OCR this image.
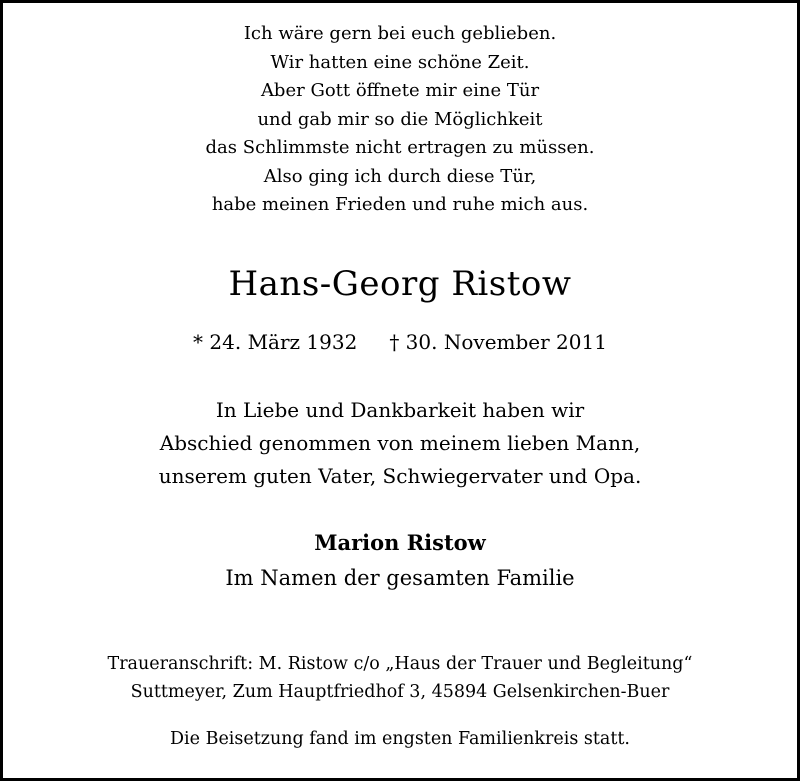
Ich wäre gern bei euch geblieben.
Wir hatten eine schöne Zeit.
Aber Gott öffnete mir eine Tür
und gab mir so die Möglichkeit
das Schlimmste nicht ertragen zu müssen.
Also ging ich durch diese Tür,
habe meinen Frieden und ruhe mich aus.
Hans-Georg Ristow
* 24. März 1932 † 30. November 2011
In Liebe und Dankbarkeit haben wir
Abschied genommen von meinem lieben Mann,
unserem guten Vater, Schwiegervater und Opa.
Marion Ristow
Im Namen der gesamten Familie
Traueranschrift: M. Ristow c/o „Haus der Trauer und Begleitung“
Suttmeyer, Zum Hauptfriedhof 3, 45894 Gelsenkirchen-Buer
Die Beisetzung fand im engsten Familienkreis statt.
